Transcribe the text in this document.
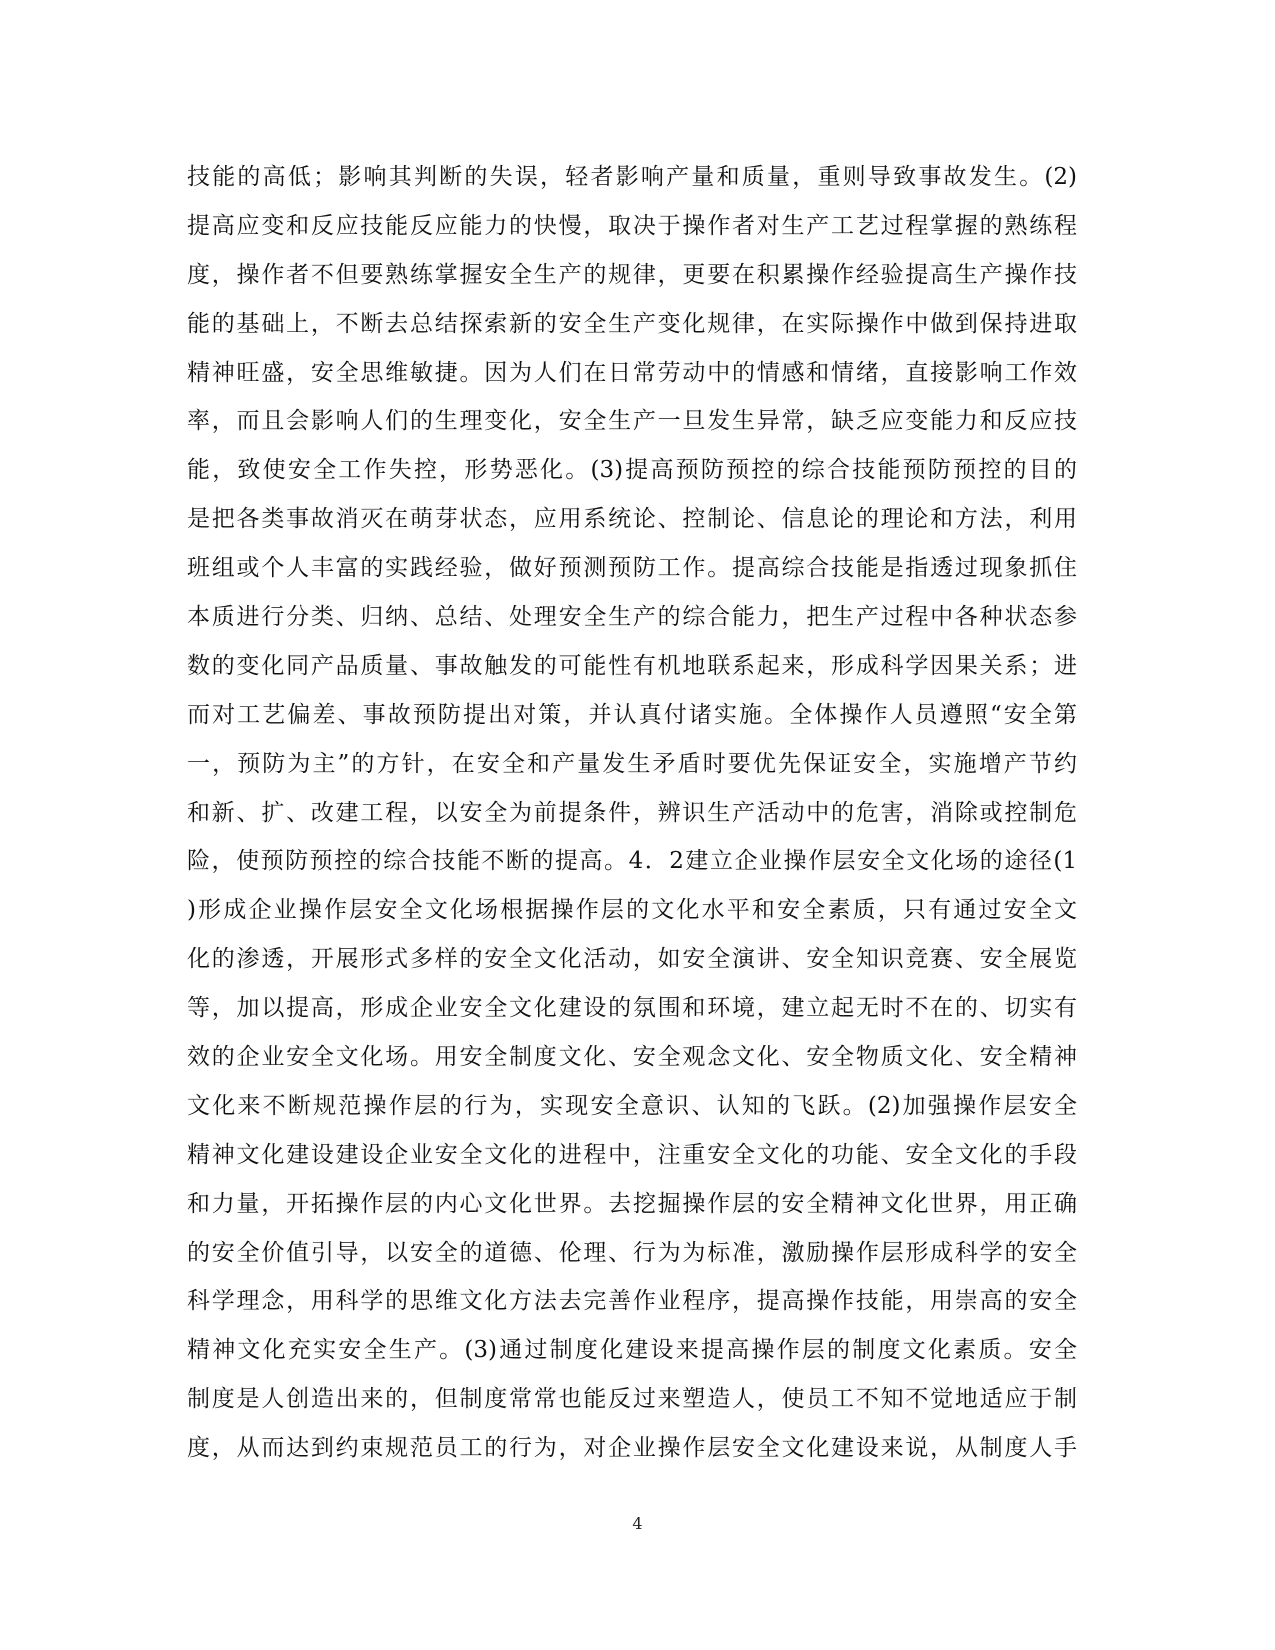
技能的高低；影响其判断的失误，轻者影响产量和质量，重则导致事故发生。(2)
提高应变和反应技能反应能力的快慢，取决于操作者对生产工艺过程掌握的熟练程
度，操作者不但要熟练掌握安全生产的规律，更要在积累操作经验提高生产操作技
能的基础上，不断去总结探索新的安全生产变化规律，在实际操作中做到保持进取
精神旺盛，安全思维敏捷。因为人们在日常劳动中的情感和情绪，直接影响工作效
率，而且会影响人们的生理变化，安全生产一旦发生异常，缺乏应变能力和反应技
能，致使安全工作失控，形势恶化。(3)提高预防预控的综合技能预防预控的目的
是把各类事故消灭在萌芽状态，应用系统论、控制论、信息论的理论和方法，利用
班组或个人丰富的实践经验，做好预测预防工作。提高综合技能是指透过现象抓住
本质进行分类、归纳、总结、处理安全生产的综合能力，把生产过程中各种状态参
数的变化同产品质量、事故触发的可能性有机地联系起来，形成科学因果关系；进
而对工艺偏差、事故预防提出对策，并认真付诸实施。全体操作人员遵照“安全第
一，预防为主”的方针，在安全和产量发生矛盾时要优先保证安全，实施增产节约
和新、扩、改建工程，以安全为前提条件，辨识生产活动中的危害，消除或控制危
险，使预防预控的综合技能不断的提高。4．2建立企业操作层安全文化场的途径(1
)形成企业操作层安全文化场根据操作层的文化水平和安全素质，只有通过安全文
化的渗透，开展形式多样的安全文化活动，如安全演讲、安全知识竞赛、安全展览
等，加以提高，形成企业安全文化建设的氛围和环境，建立起无时不在的、切实有
效的企业安全文化场。用安全制度文化、安全观念文化、安全物质文化、安全精神
文化来不断规范操作层的行为，实现安全意识、认知的飞跃。(2)加强操作层安全
精神文化建设建设企业安全文化的进程中，注重安全文化的功能、安全文化的手段
和力量，开拓操作层的内心文化世界。去挖掘操作层的安全精神文化世界，用正确
的安全价值引导，以安全的道德、伦理、行为为标准，激励操作层形成科学的安全
科学理念，用科学的思维文化方法去完善作业程序，提高操作技能，用崇高的安全
精神文化充实安全生产。(3)通过制度化建设来提高操作层的制度文化素质。安全
制度是人创造出来的，但制度常常也能反过来塑造人，使员工不知不觉地适应于制
度，从而达到约束规范员工的行为，对企业操作层安全文化建设来说，从制度人手
4
